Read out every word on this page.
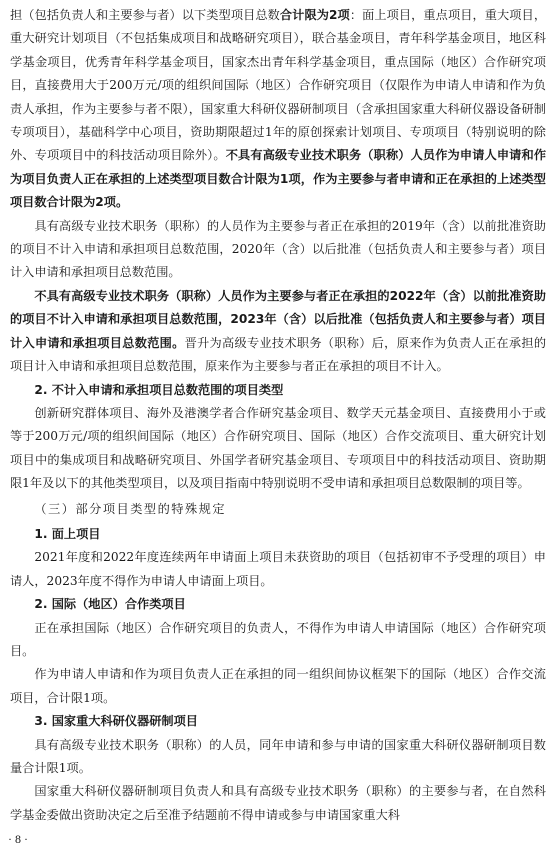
担（包括负责人和主要参与者）以下类型项目总数合计限为2项：面上项目，重点项目，重大项目，重大研究计划项目（不包括集成项目和战略研究项目），联合基金项目，青年科学基金项目，地区科学基金项目，优秀青年科学基金项目，国家杰出青年科学基金项目，重点国际（地区）合作研究项目，直接费用大于200万元/项的组织间国际（地区）合作研究项目（仅限作为申请人申请和作为负责人承担，作为主要参与者不限），国家重大科研仪器研制项目（含承担国家重大科研仪器设备研制专项项目），基础科学中心项目，资助期限超过1年的原创探索计划项目、专项项目（特别说明的除外、专项项目中的科技活动项目除外）。不具有高级专业技术职务（职称）人员作为申请人申请和作为项目负责人正在承担的上述类型项目数合计限为1项，作为主要参与者申请和正在承担的上述类型项目数合计限为2项。

具有高级专业技术职务（职称）的人员作为主要参与者正在承担的2019年（含）以前批准资助的项目不计入申请和承担项目总数范围，2020年（含）以后批准（包括负责人和主要参与者）项目计入申请和承担项目总数范围。

不具有高级专业技术职务（职称）人员作为主要参与者正在承担的2022年（含）以前批准资助的项目不计入申请和承担项目总数范围，2023年（含）以后批准（包括负责人和主要参与者）项目计入申请和承担项目总数范围。晋升为高级专业技术职务（职称）后，原来作为负责人正在承担的项目计入申请和承担项目总数范围，原来作为主要参与者正在承担的项目不计入。

2. 不计入申请和承担项目总数范围的项目类型

创新研究群体项目、海外及港澳学者合作研究基金项目、数学天元基金项目、直接费用小于或等于200万元/项的组织间国际（地区）合作研究项目、国际（地区）合作交流项目、重大研究计划项目中的集成项目和战略研究项目、外国学者研究基金项目、专项项目中的科技活动项目、资助期限1年及以下的其他类型项目，以及项目指南中特别说明不受申请和承担项目总数限制的项目等。

（三）部分项目类型的特殊规定

1. 面上项目

2021年度和2022年度连续两年申请面上项目未获资助的项目（包括初审不予受理的项目）申请人，2023年度不得作为申请人申请面上项目。

2. 国际（地区）合作类项目

正在承担国际（地区）合作研究项目的负责人，不得作为申请人申请国际（地区）合作研究项目。

作为申请人申请和作为项目负责人正在承担的同一组织间协议框架下的国际（地区）合作交流项目，合计限1项。

3. 国家重大科研仪器研制项目

具有高级专业技术职务（职称）的人员，同年申请和参与申请的国家重大科研仪器研制项目数量合计限1项。

国家重大科研仪器研制项目负责人和具有高级专业技术职务（职称）的主要参与者，在自然科学基金委做出资助决定之后至准予结题前不得申请或参与申请国家重大科

· 8 ·
